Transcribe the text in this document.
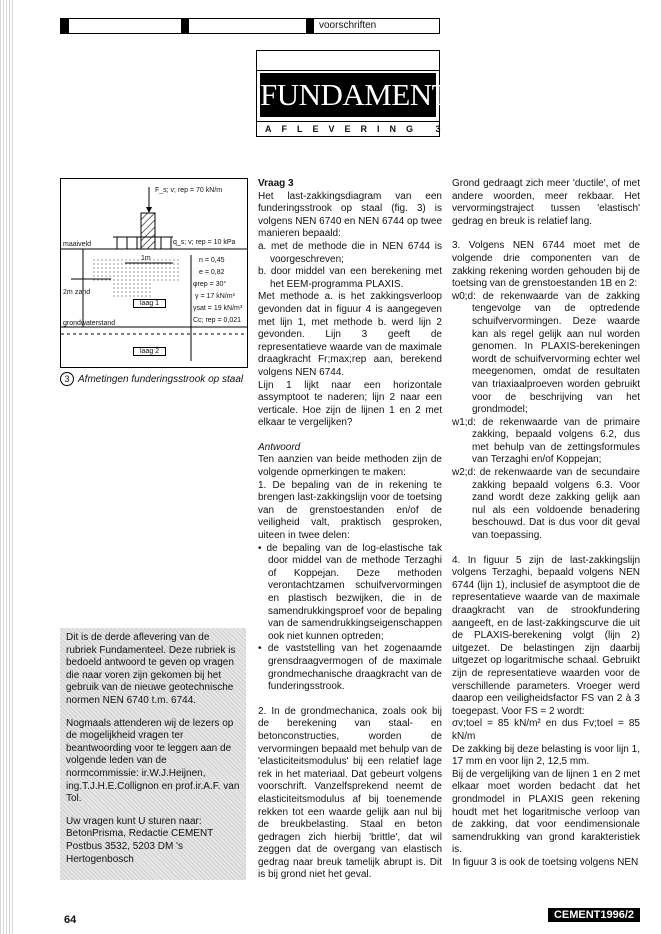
voorschriften
FUNDAMENTEEL
AFLEVERING 3
F_s; v; rep = 70 kN/m
q_s; v; rep = 10 kPa
maaiveld
1m	n = 0,45
e = 0,82
φrep = 30°
γ = 17 kN/m³
γsat = 19 kN/m³
Cc; rep = 0,021
2m zand
laag 1
grondwaterstand
laag 2
3 Afmetingen funderingsstrook op staal

Dit is de derde aflevering van de rubriek Fundamenteel. Deze rubriek is bedoeld antwoord te geven op vragen die naar voren zijn gekomen bij het gebruik van de nieuwe geotechnische normen NEN 6740 t.m. 6744.

Nogmaals attenderen wij de lezers op de mogelijkheid vragen ter beantwoording voor te leggen aan de volgende leden van de normcommissie: ir.W.J.Heijnen, ing.T.J.H.E.Collignon en prof.ir.A.F. van Tol.

Uw vragen kunt U sturen naar: BetonPrisma, Redactie CEMENT Postbus 3532, 5203 DM 's Hertogenbosch

Vraag 3

Het last-zakkingsdiagram van een funderingsstrook op staal (fig. 3) is volgens NEN 6740 en NEN 6744 op twee manieren bepaald:

a. met de methode die in NEN 6744 is voorgeschreven;

b. door middel van een berekening met het EEM-programma PLAXIS.

Met methode a. is het zakkingsverloop gevonden dat in figuur 4 is aangegeven met lijn 1, met methode b. werd lijn 2 gevonden. Lijn 3 geeft de representatieve waarde van de maximale draagkracht Fr;max;rep aan, berekend volgens NEN 6744.

Lijn 1 lijkt naar een horizontale assymptoot te naderen; lijn 2 naar een verticale. Hoe zijn de lijnen 1 en 2 met elkaar te vergelijken?

Antwoord

Ten aanzien van beide methoden zijn de volgende opmerkingen te maken:

1. De bepaling van de in rekening te brengen last-zakkingslijn voor de toetsing van de grenstoestanden en/of de veiligheid valt, praktisch gesproken, uiteen in twee delen:

• de bepaling van de log-elastische tak door middel van de methode Terzaghi of Koppejan. Deze methoden verontachtzamen schuifvervormingen en plastisch bezwijken, die in de samendrukkingsproef voor de bepaling van de samendrukkingseigenschappen ook niet kunnen optreden;

• de vaststelling van het zogenaamde grensdraagvermogen of de maximale grondmechanische draagkracht van de funderingsstrook.

2. In de grondmechanica, zoals ook bij de berekening van staal- en betonconstructies, worden de vervormingen bepaald met behulp van de 'elasticiteitsmodulus' bij een relatief lage rek in het materiaal. Dat gebeurt volgens voorschrift. Vanzelfsprekend neemt de elasticiteitsmodulus af bij toenemende rekken tot een waarde gelijk aan nul bij de breukbelasting. Staal en beton gedragen zich hierbij 'brittle', dat wil zeggen dat de overgang van elastisch gedrag naar breuk tamelijk abrupt is. Dit is bij grond niet het geval.

Grond gedraagt zich meer 'ductile', of met andere woorden, meer rekbaar. Het vervormingstraject tussen 'elastisch' gedrag en breuk is relatief lang.

3. Volgens NEN 6744 moet met de volgende drie componenten van de zakking rekening worden gehouden bij de toetsing van de grenstoestanden 1B en 2:

w0;d: de rekenwaarde van de zakking tengevolge van de optredende schuifvervormingen. Deze waarde kan als regel gelijk aan nul worden genomen. In PLAXIS-berekeningen wordt de schuifvervorming echter wel meegenomen, omdat de resultaten van triaxiaalproeven worden gebruikt voor de beschrijving van het grondmodel;

w1;d: de rekenwaarde van de primaire zakking, bepaald volgens 6.2, dus met behulp van de zettingsformules van Terzaghi en/of Koppejan;

w2;d: de rekenwaarde van de secundaire zakking bepaald volgens 6.3. Voor zand wordt deze zakking gelijk aan nul als een voldoende benadering beschouwd. Dat is dus voor dit geval van toepassing.

4. In figuur 5 zijn de last-zakkingslijn volgens Terzaghi, bepaald volgens NEN 6744 (lijn 1), inclusief de asymptoot die de representatieve waarde van de maximale draagkracht van de strookfundering aangeeft, en de last-zakkingscurve die uit de PLAXIS-berekening volgt (lijn 2) uitgezet. De belastingen zijn daarbij uitgezet op logaritmische schaal. Gebruikt zijn de representatieve waarden voor de verschillende parameters. Vroeger werd daarop een veiligheidsfactor FS van 2 à 3 toegepast. Voor FS = 2 wordt:

σv;toel = 85 kN/m² en dus Fv;toel = 85 kN/m

De zakking bij deze belasting is voor lijn 1, 17 mm en voor lijn 2, 12,5 mm.

Bij de vergelijking van de lijnen 1 en 2 met elkaar moet worden bedacht dat het grondmodel in PLAXIS geen rekening houdt met het logaritmische verloop van de zakking, dat voor eendimensionale samendrukking van grond karakteristiek is.

In figuur 3 is ook de toetsing volgens NEN

64	CEMENT1996/2
